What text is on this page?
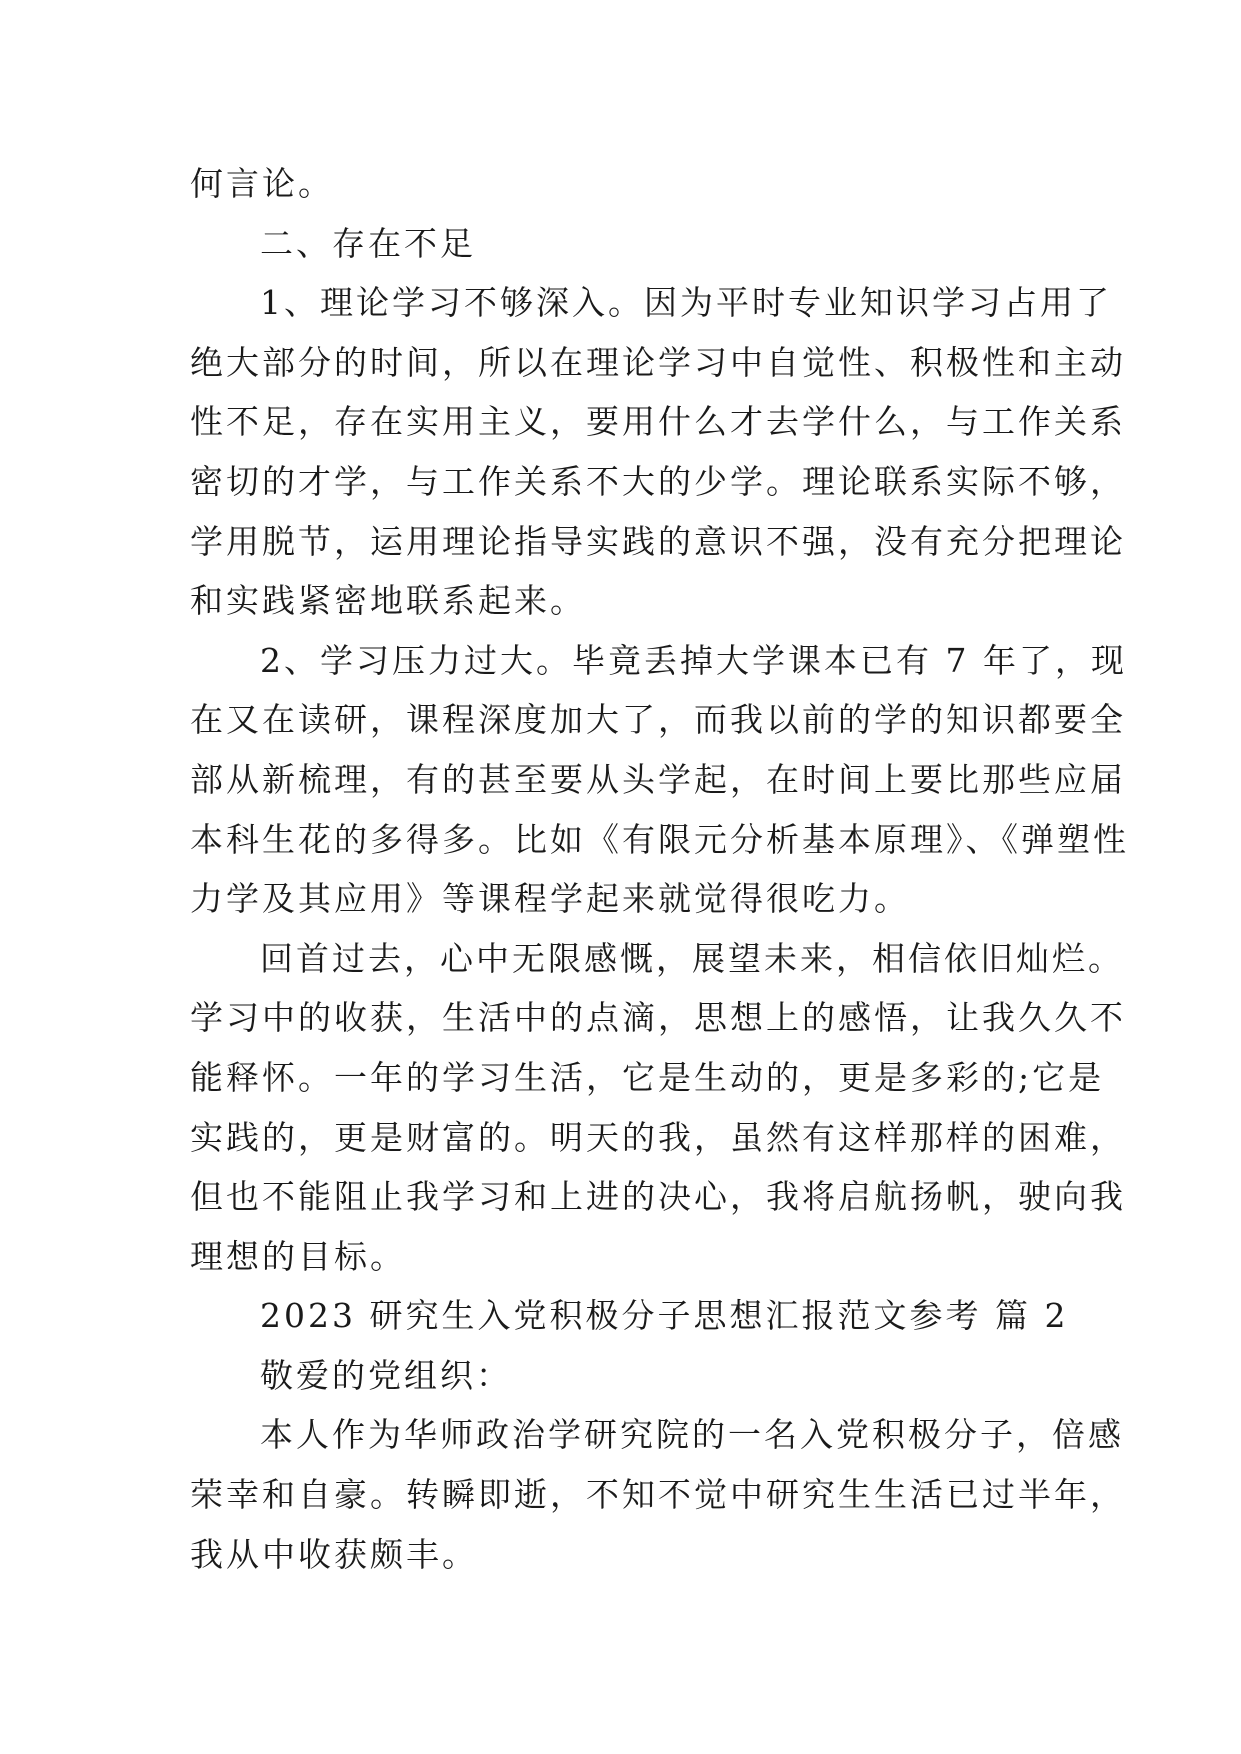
何言论。
二、存在不足
1、理论学习不够深入。因为平时专业知识学习占用了
绝大部分的时间，所以在理论学习中自觉性、积极性和主动
性不足，存在实用主义，要用什么才去学什么，与工作关系
密切的才学，与工作关系不大的少学。理论联系实际不够，
学用脱节，运用理论指导实践的意识不强，没有充分把理论
和实践紧密地联系起来。
2、学习压力过大。毕竟丢掉大学课本已有 7 年了，现
在又在读研，课程深度加大了，而我以前的学的知识都要全
部从新梳理，有的甚至要从头学起，在时间上要比那些应届
本科生花的多得多。比如《有限元分析基本原理》、《弹塑性
力学及其应用》等课程学起来就觉得很吃力。
回首过去，心中无限感慨，展望未来，相信依旧灿烂。
学习中的收获，生活中的点滴，思想上的感悟，让我久久不
能释怀。一年的学习生活，它是生动的，更是多彩的;它是
实践的，更是财富的。明天的我，虽然有这样那样的困难，
但也不能阻止我学习和上进的决心，我将启航扬帆，驶向我
理想的目标。
2023 研究生入党积极分子思想汇报范文参考 篇 2
敬爱的党组织：
本人作为华师政治学研究院的一名入党积极分子，倍感
荣幸和自豪。转瞬即逝，不知不觉中研究生生活已过半年，
我从中收获颇丰。
